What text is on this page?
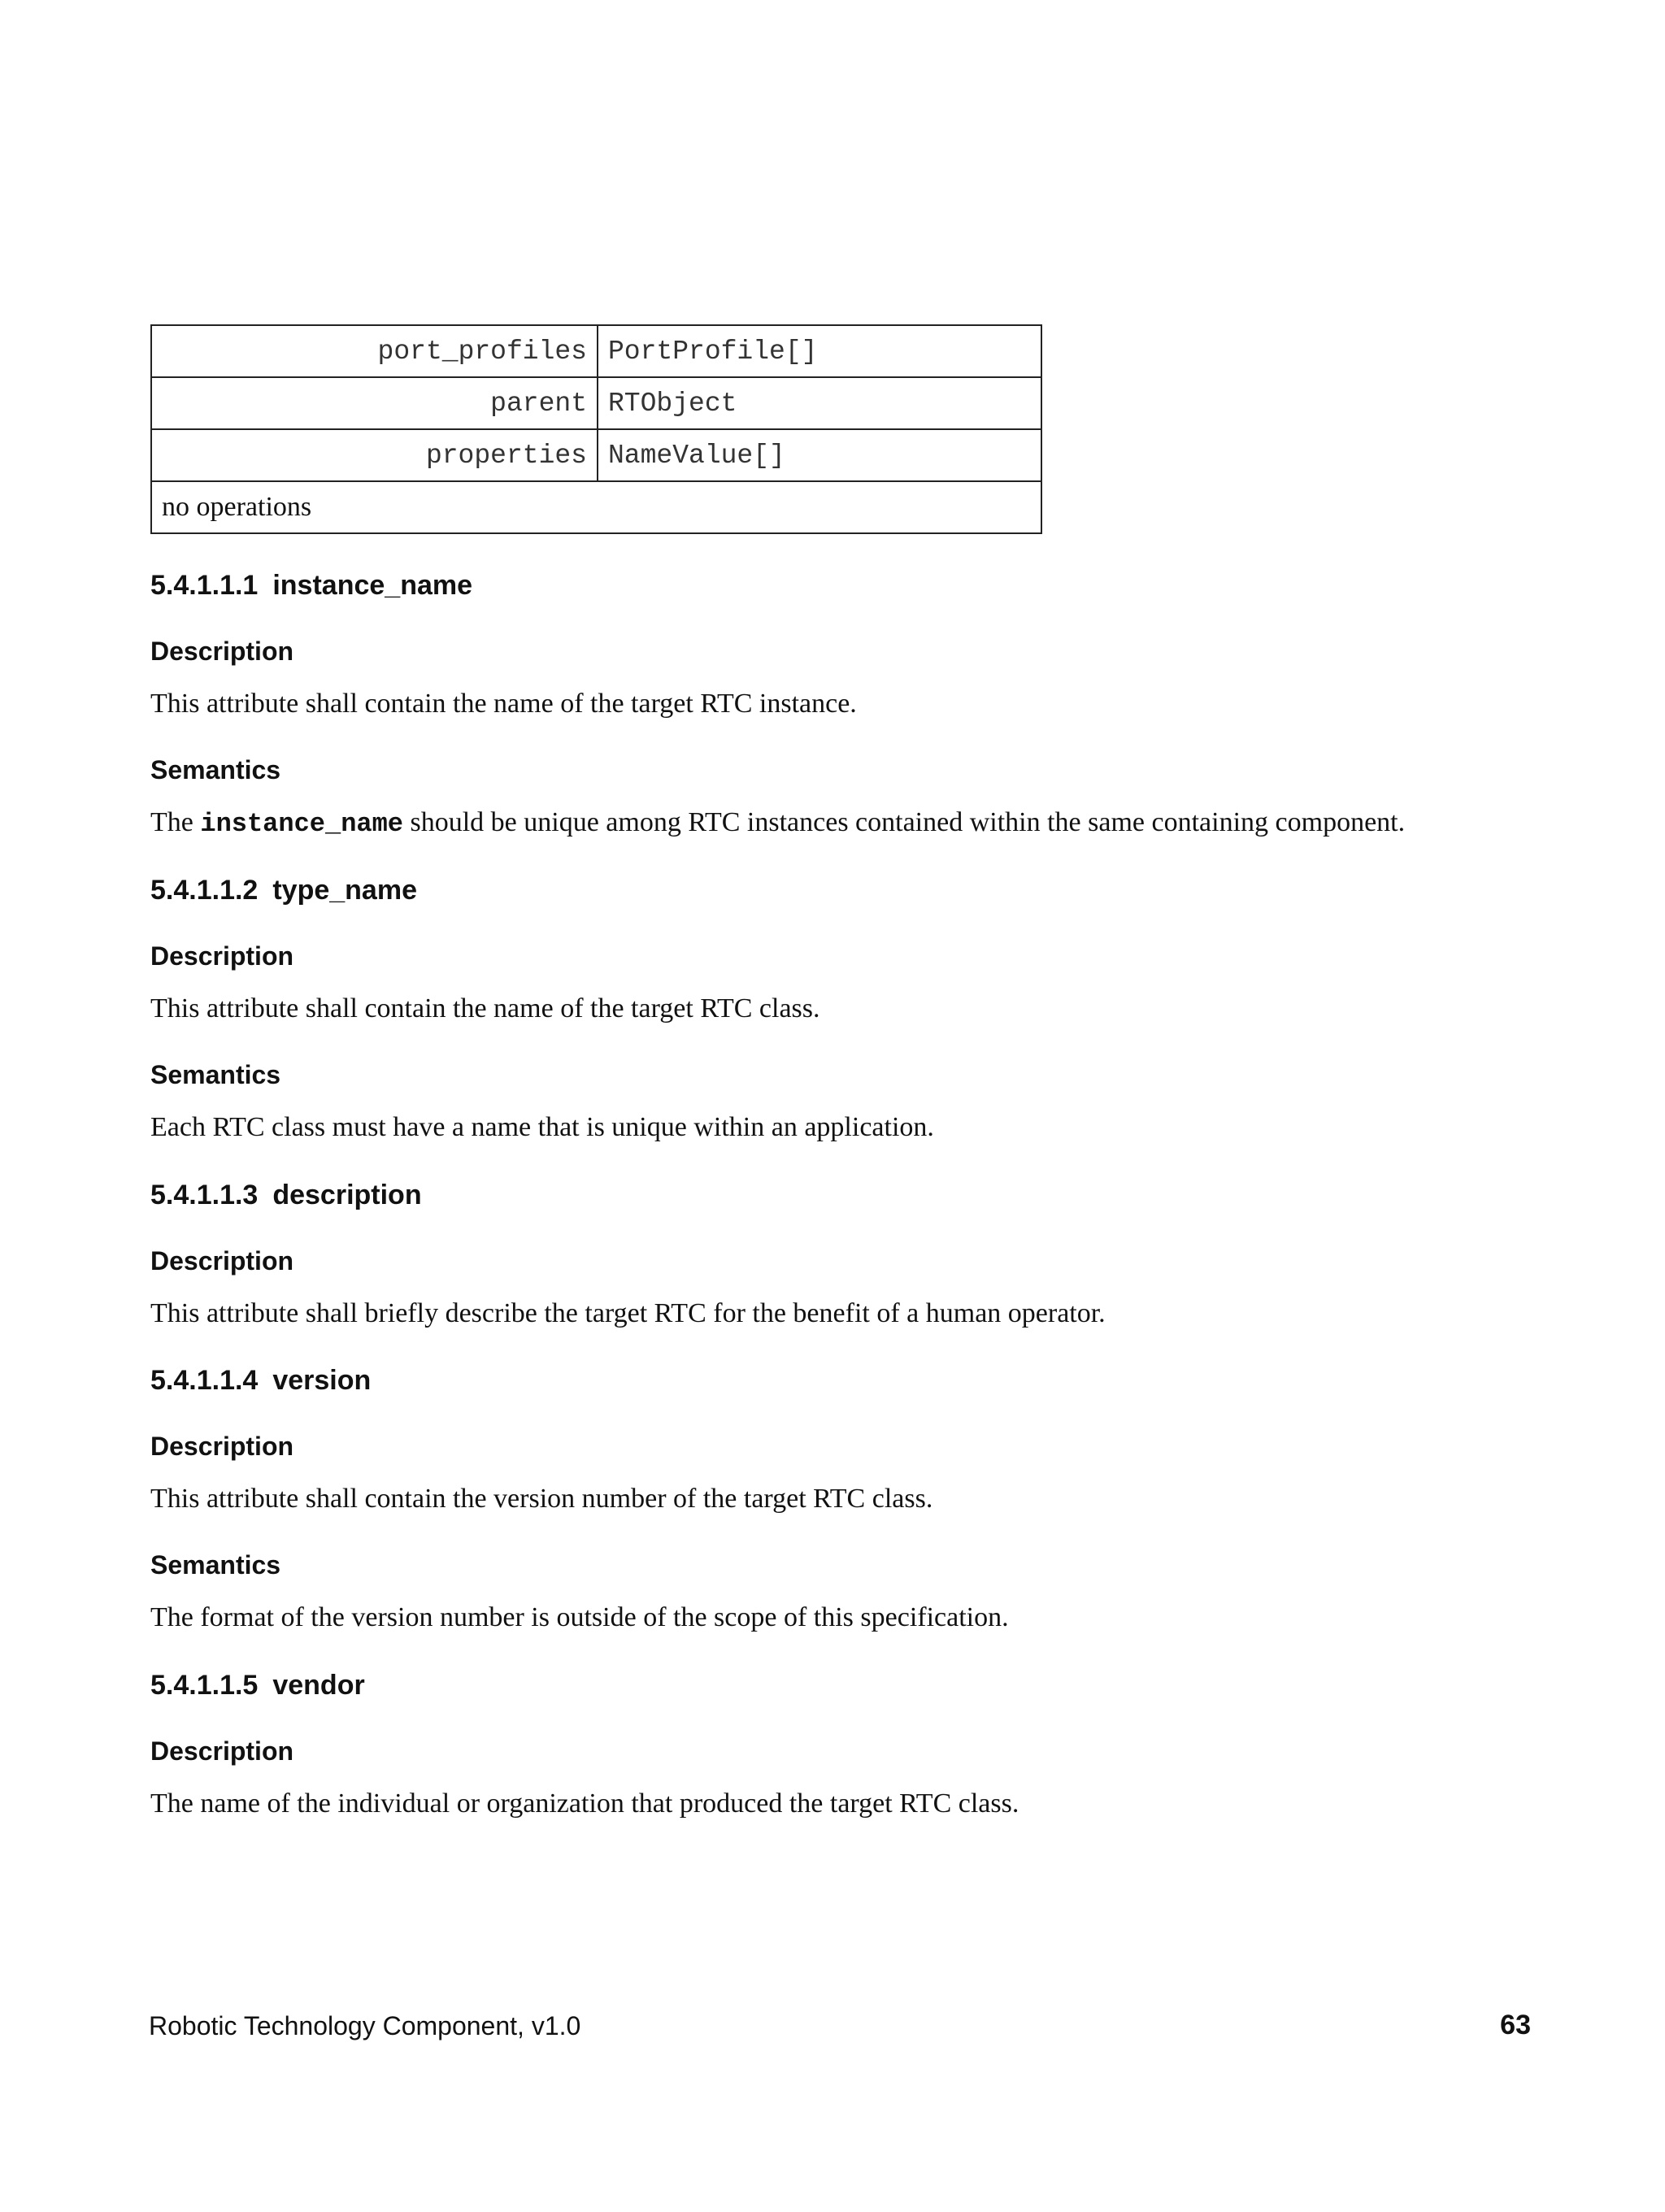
port_profiles	PortProfile[]
parent	RTObject
properties	NameValue[]
no operations	
5.4.1.1.1 instance_name
Description

This attribute shall contain the name of the target RTC instance.

Semantics

The instance_name should be unique among RTC instances contained within the same containing component.

5.4.1.1.2 type_name
Description

This attribute shall contain the name of the target RTC class.

Semantics

Each RTC class must have a name that is unique within an application.

5.4.1.1.3 description
Description

This attribute shall briefly describe the target RTC for the benefit of a human operator.

5.4.1.1.4 version
Description

This attribute shall contain the version number of the target RTC class.

Semantics

The format of the version number is outside of the scope of this specification.

5.4.1.1.5 vendor
Description

The name of the individual or organization that produced the target RTC class.

Robotic Technology Component, v1.0	63
